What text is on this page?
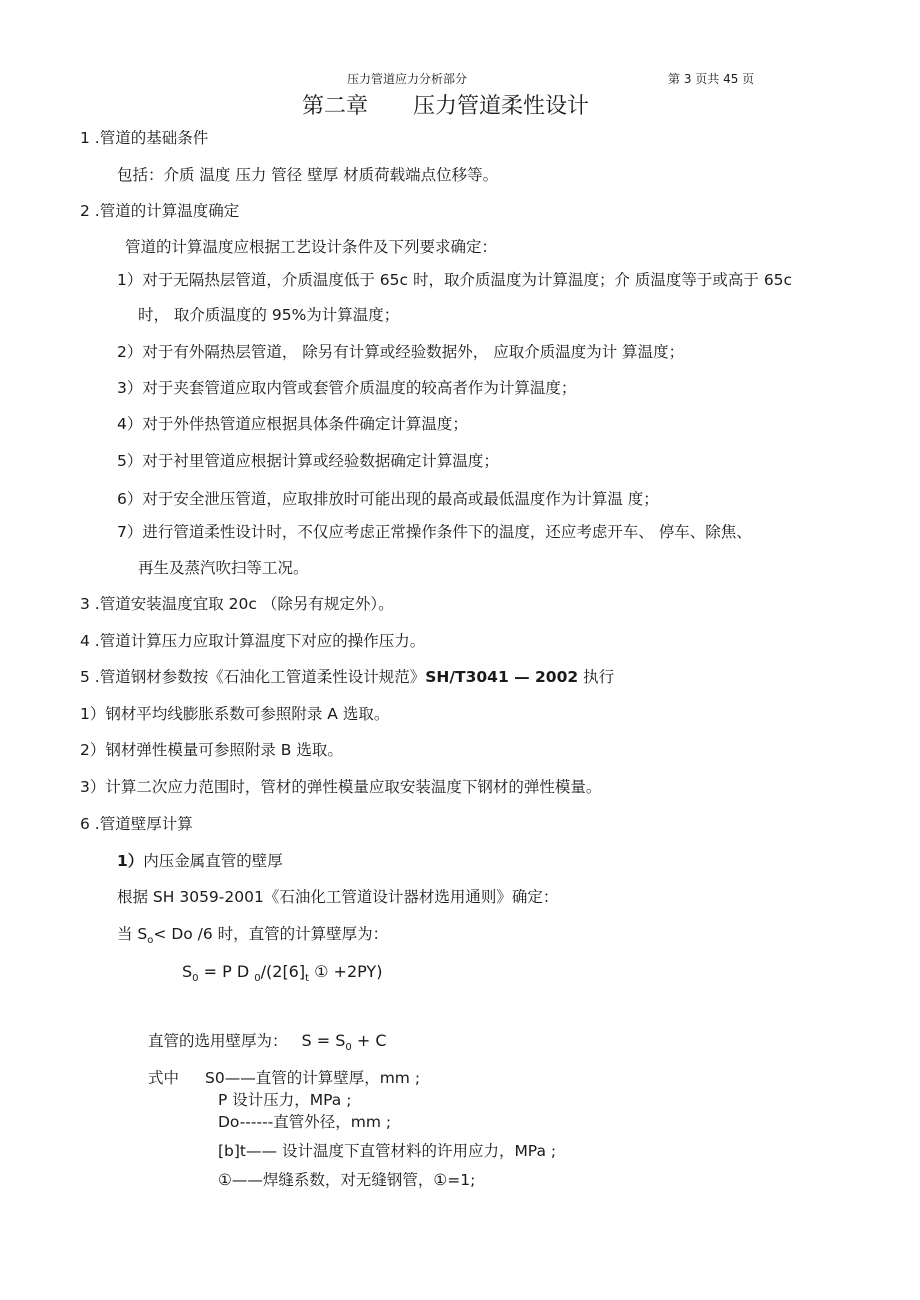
压力管道应力分析部分	第 3 页共 45 页
第二章 压力管道柔性设计
1 .管道的基础条件
包括：介质 温度 压力 管径 壁厚 材质荷载端点位移等。
2 .管道的计算温度确定
管道的计算温度应根据工艺设计条件及下列要求确定：
1）对于无隔热层管道，介质温度低于 65c 时，取介质温度为计算温度；介 质温度等于或高于 65c
时， 取介质温度的 95%为计算温度；
2）对于有外隔热层管道， 除另有计算或经验数据外， 应取介质温度为计 算温度；
3）对于夹套管道应取内管或套管介质温度的较高者作为计算温度；
4）对于外伴热管道应根据具体条件确定计算温度；
5）对于衬里管道应根据计算或经验数据确定计算温度；
6）对于安全泄压管道，应取排放时可能出现的最高或最低温度作为计算温 度；
7）进行管道柔性设计时，不仅应考虑正常操作条件下的温度，还应考虑开车、 停车、除焦、
再生及蒸汽吹扫等工况。
3 .管道安装温度宜取 20c （除另有规定外）。
4 .管道计算压力应取计算温度下对应的操作压力。
5 .管道钢材参数按《石油化工管道柔性设计规范》SH/T3041 — 2002 执行
1）钢材平均线膨胀系数可参照附录 A 选取。
2）钢材弹性模量可参照附录 B 选取。
3）计算二次应力范围时，管材的弹性模量应取安装温度下钢材的弹性模量。
6 .管道壁厚计算
1）内压金属直管的壁厚
根据 SH 3059-2001《石油化工管道设计器材选用通则》确定：
当 $S_o< Do$ /6 时，直管的计算壁厚为：
$S_0 = P$ D $_0/(2[6]_t$ ① +2PY)
直管的选用壁厚为： $S = S_0 + C$
式中 S0——直管的计算壁厚，mm ;
P 设计压力，MPa ;
Do------直管外径，mm ;
[b]t—— 设计温度下直管材料的许用应力，MPa ;
①——焊缝系数，对无缝钢管，①=1;
